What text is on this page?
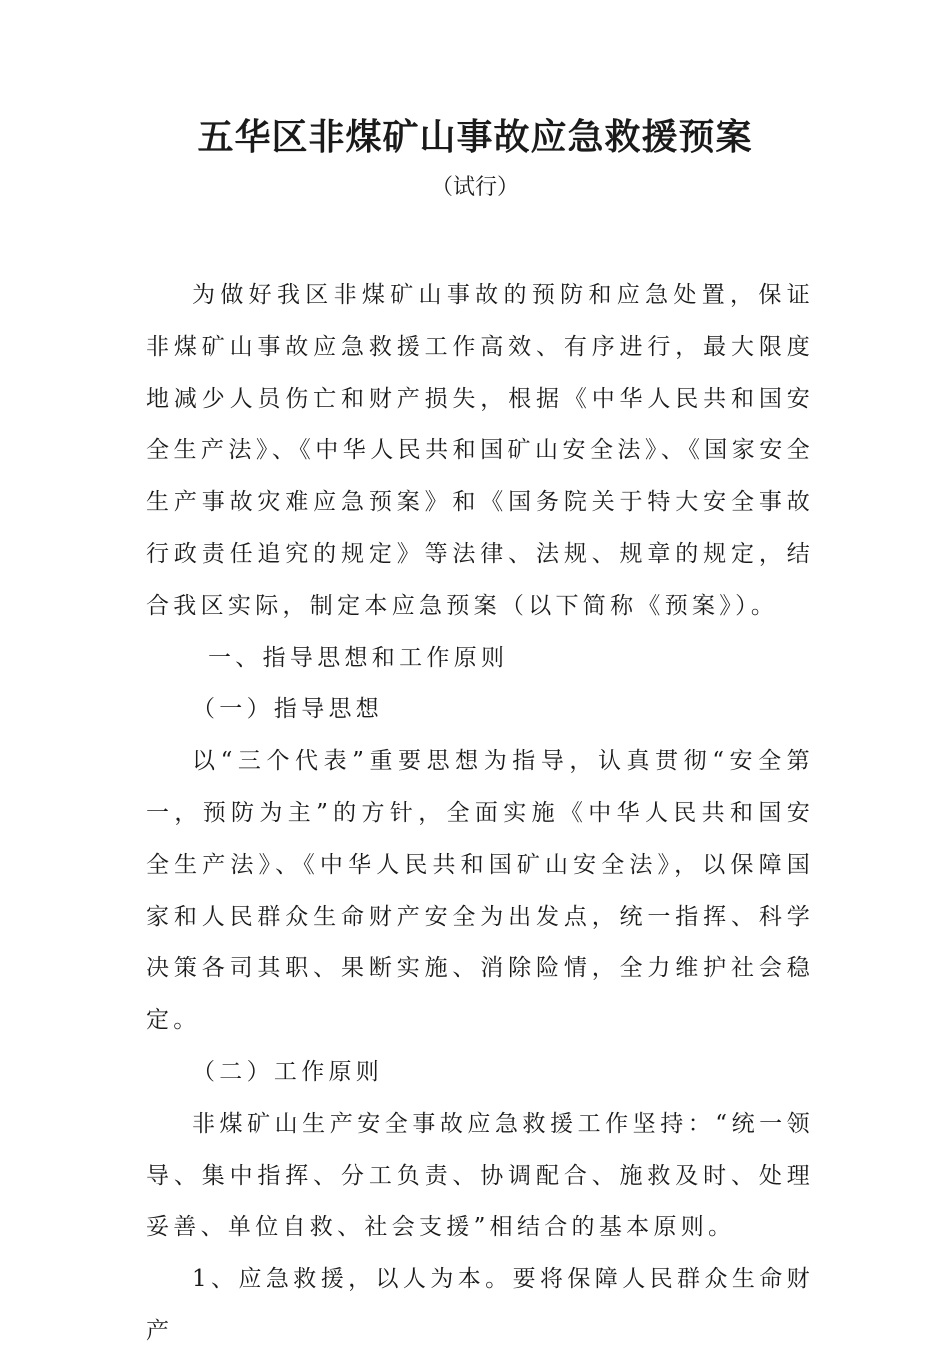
五华区非煤矿山事故应急救援预案
（试行）

为做好我区非煤矿山事故的预防和应急处置，保证非煤矿山事故应急救援工作高效、有序进行，最大限度地减少人员伤亡和财产损失，根据《中华人民共和国安全生产法》、《中华人民共和国矿山安全法》、《国家安全生产事故灾难应急预案》和《国务院关于特大安全事故行政责任追究的规定》等法律、法规、规章的规定，结合我区实际，制定本应急预案（以下简称《预案》）。

一、指导思想和工作原则

（一）指导思想

以“三个代表”重要思想为指导，认真贯彻“安全第一，预防为主”的方针，全面实施《中华人民共和国安全生产法》、《中华人民共和国矿山安全法》，以保障国家和人民群众生命财产安全为出发点，统一指挥、科学决策各司其职、果断实施、消除险情，全力维护社会稳定。

（二）工作原则

非煤矿山生产安全事故应急救援工作坚持：“统一领导、集中指挥、分工负责、协调配合、施救及时、处理妥善、单位自救、社会支援”相结合的基本原则。

1、应急救援，以人为本。要将保障人民群众生命财产
